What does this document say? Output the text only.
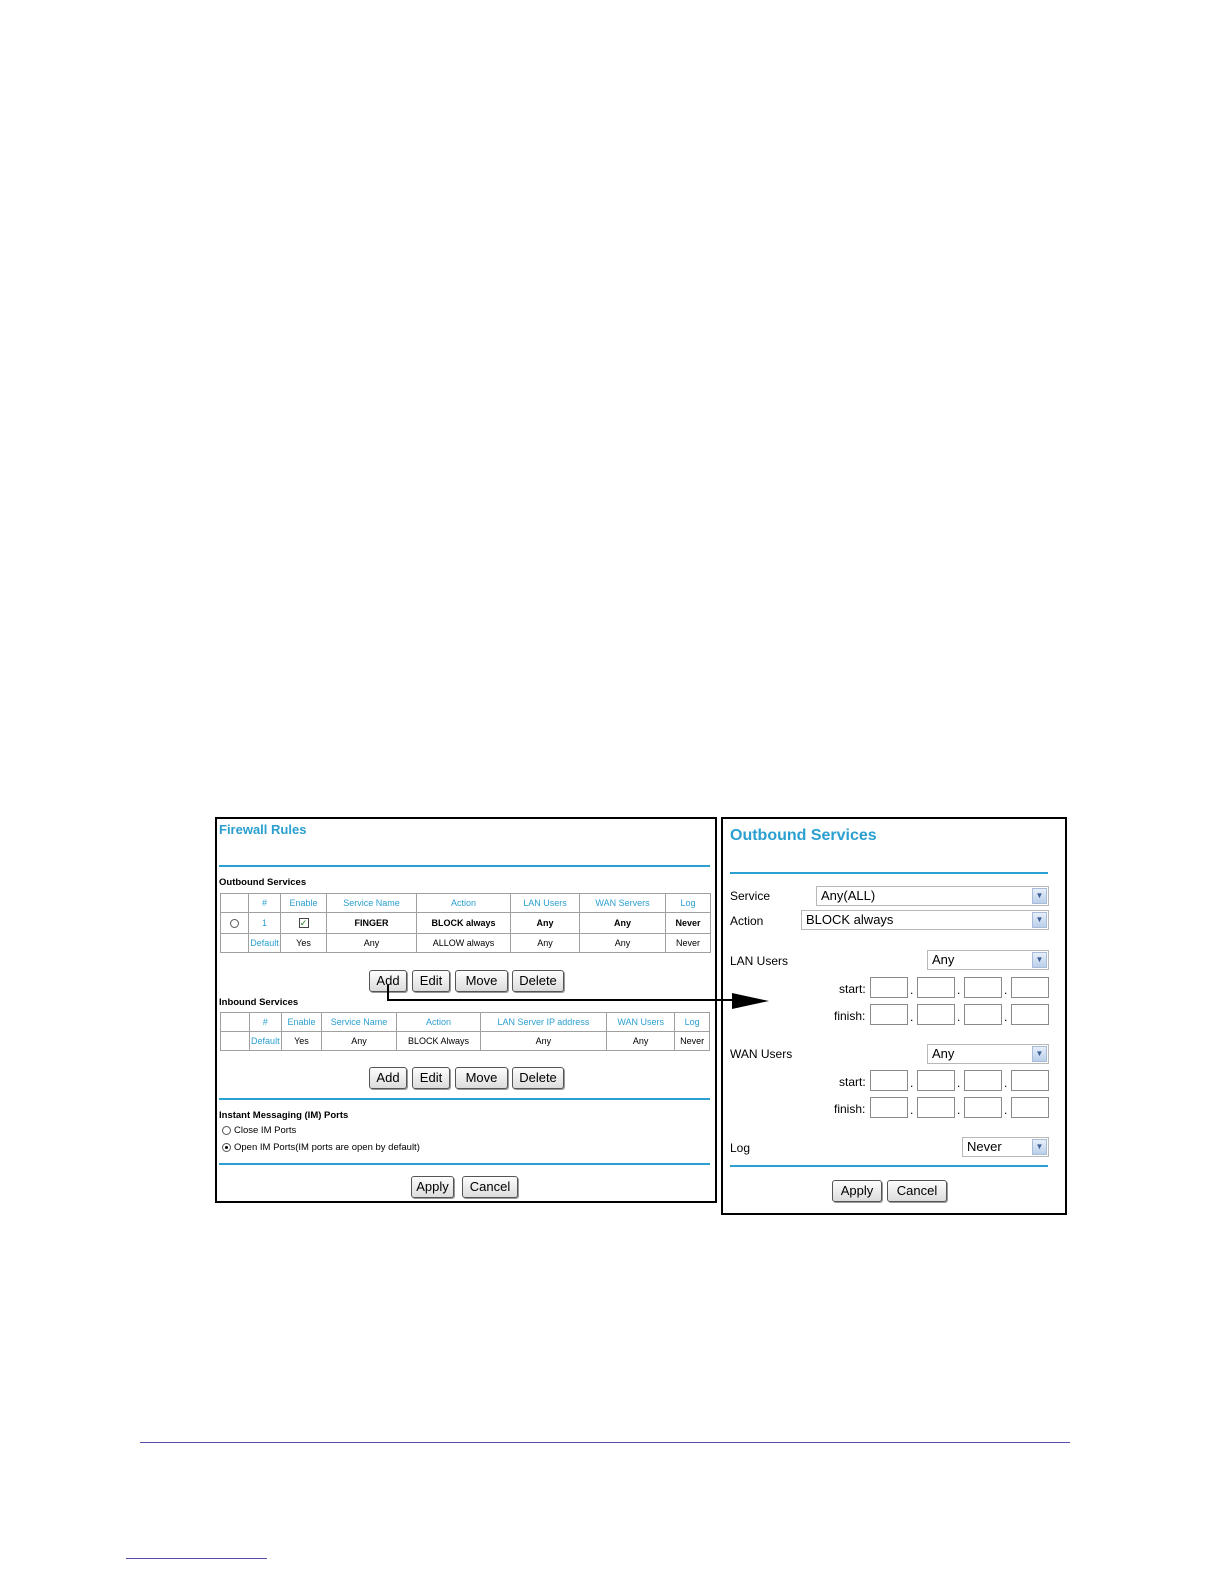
Firewall Rules
Outbound Services
	#	Enable	Service Name	Action	LAN Users	WAN Servers	Log
	1	✓	FINGER	BLOCK always	Any	Any	Never
	Default	Yes	Any	ALLOW always	Any	Any	Never
Add	Edit	Move	Delete
Inbound Services
	#	Enable	Service Name	Action	LAN Server IP address	WAN Users	Log
	Default	Yes	Any	BLOCK Always	Any	Any	Never
Add	Edit	Move	Delete
Instant Messaging (IM) Ports
Close IM Ports
Open IM Ports(IM ports are open by default)
Apply	Cancel
Outbound Services
Service	Any(ALL)	▼
Action	BLOCK always	▼
LAN Users	Any	▼
start:	.	.	.
finish:	.	.	.
WAN Users	Any	▼
start:	.	.	.
finish:	.	.	.
Log	Never	▼
Apply	Cancel
